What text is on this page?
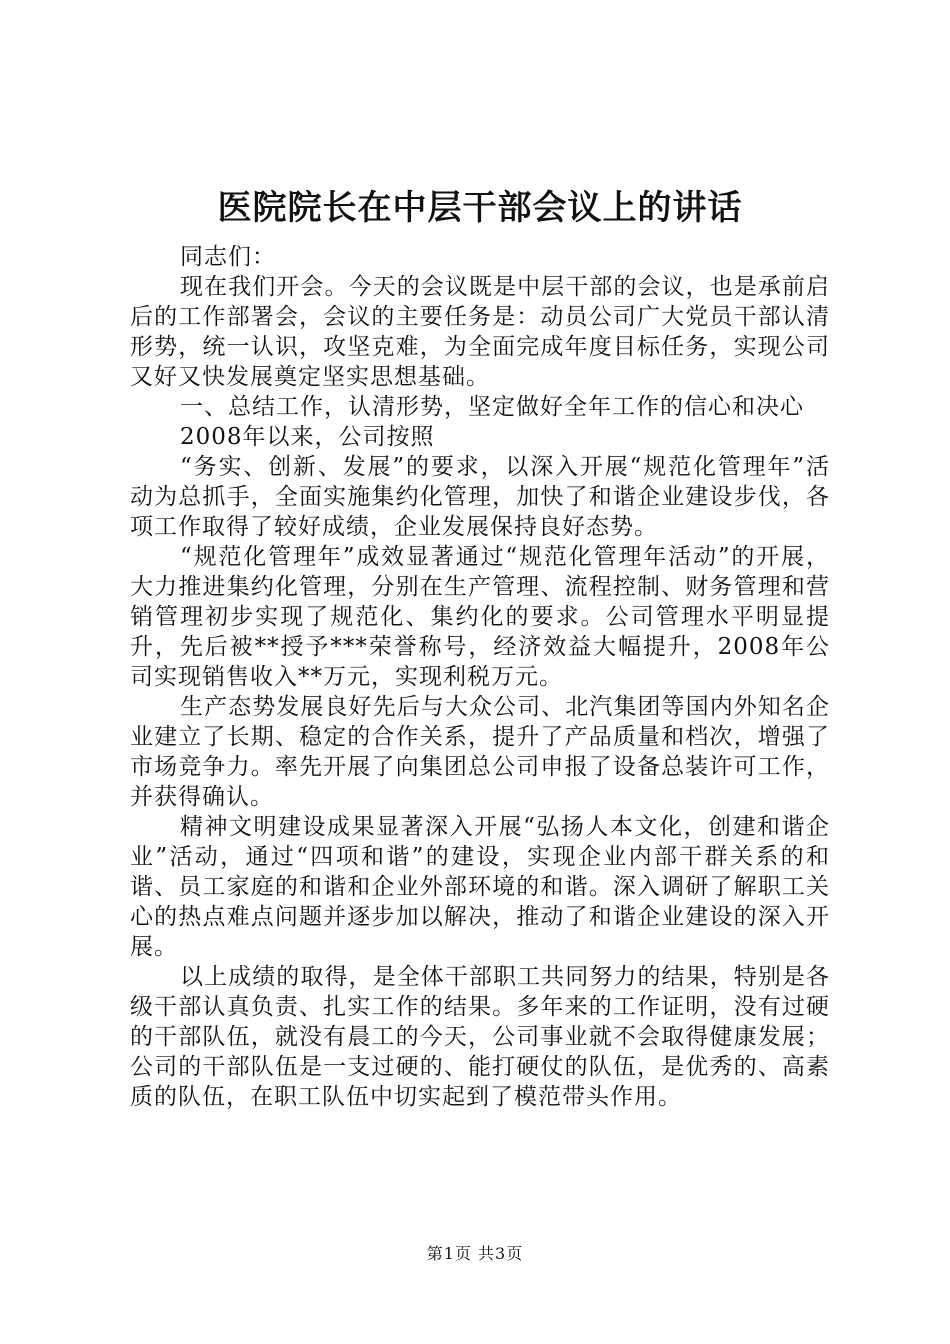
医院院长在中层干部会议上的讲话

同志们：

现在我们开会。今天的会议既是中层干部的会议，也是承前启后的工作部署会，会议的主要任务是：动员公司广大党员干部认清形势，统一认识，攻坚克难，为全面完成年度目标任务，实现公司又好又快发展奠定坚实思想基础。

一、总结工作，认清形势，坚定做好全年工作的信心和决心

2008年以来，公司按照

“务实、创新、发展”的要求，以深入开展“规范化管理年”活动为总抓手，全面实施集约化管理，加快了和谐企业建设步伐，各项工作取得了较好成绩，企业发展保持良好态势。

“规范化管理年”成效显著通过“规范化管理年活动”的开展，大力推进集约化管理，分别在生产管理、流程控制、财务管理和营销管理初步实现了规范化、集约化的要求。公司管理水平明显提升，先后被**授予***荣誉称号，经济效益大幅提升，2008年公司实现销售收入**万元，实现利税万元。

生产态势发展良好先后与大众公司、北汽集团等国内外知名企业建立了长期、稳定的合作关系，提升了产品质量和档次，增强了市场竞争力。率先开展了向集团总公司申报了设备总装许可工作，并获得确认。

精神文明建设成果显著深入开展“弘扬人本文化，创建和谐企业”活动，通过“四项和谐”的建设，实现企业内部干群关系的和谐、员工家庭的和谐和企业外部环境的和谐。深入调研了解职工关心的热点难点问题并逐步加以解决，推动了和谐企业建设的深入开展。

以上成绩的取得，是全体干部职工共同努力的结果，特别是各级干部认真负责、扎实工作的结果。多年来的工作证明，没有过硬的干部队伍，就没有晨工的今天，公司事业就不会取得健康发展；公司的干部队伍是一支过硬的、能打硬仗的队伍，是优秀的、高素质的队伍，在职工队伍中切实起到了模范带头作用。

第1页 共3页
